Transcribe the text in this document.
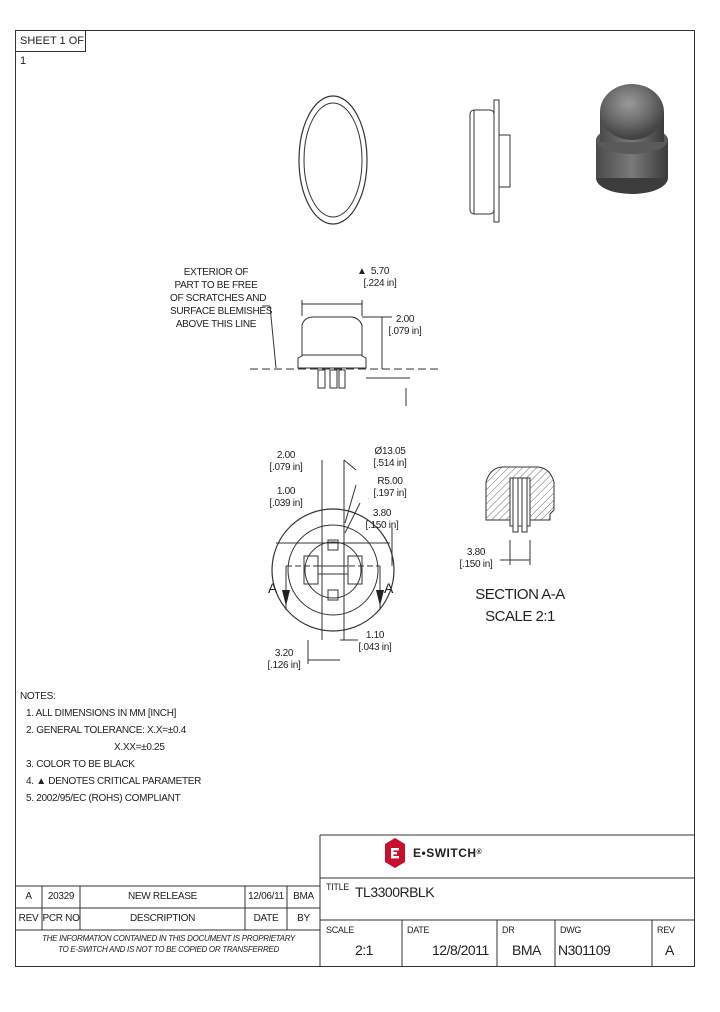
SHEET 1 OF 1
EXTERIOR OF
PART TO BE FREE
OF SCRATCHES AND
SURFACE BLEMISHES
ABOVE THIS LINE
▲ 5.70
[.224 in]
2.00
[.079 in]
2.00
[.079 in]
1.00
[.039 in]
Ø13.05
[.514 in]
R5.00
[.197 in]
3.80
[.150 in]
1.10
[.043 in]
3.20
[.126 in]
A	A
3.80
[.150 in]
SECTION A-A
SCALE 2:1
NOTES:
1. ALL DIMENSIONS IN MM [INCH]
2. GENERAL TOLERANCE: X.X=±0.4
X.XX=±0.25
3. COLOR TO BE BLACK
4. ▲ DENOTES CRITICAL PARAMETER
5. 2002/95/EC (ROHS) COMPLIANT
A	20329	NEW RELEASE	12/06/11 BMA
REV PCR NO	DESCRIPTION	DATE	BY
THE INFORMATION CONTAINED IN THIS DOCUMENT IS PROPRIETARY
TO E-SWITCH AND IS NOT TO BE COPIED OR TRANSFERRED
E•SWITCH®
TITLE TL3300RBLK
SCALE
2:1
DATE
12/8/2011
DR
BMA
DWG
N301109
REV
A
